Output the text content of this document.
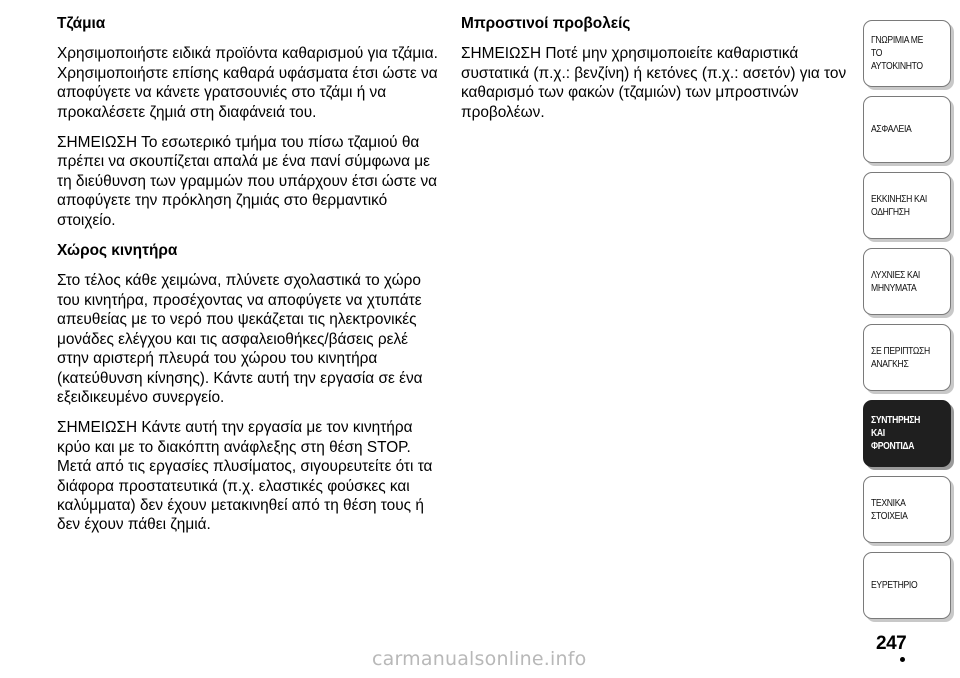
Τζάμια
Χρησιμοποιήστε ειδικά προϊόντα καθαρισμού για τζάμια. Χρησιμοποιήστε επίσης καθαρά υφάσματα έτσι ώστε να αποφύγετε να κάνετε γρατσουνιές στο τζάμι ή να προκαλέσετε ζημιά στη διαφάνειά του.
ΣΗΜΕΙΩΣΗ Το εσωτερικό τμήμα του πίσω τζαμιού θα πρέπει να σκουπίζεται απαλά με ένα πανί σύμφωνα με τη διεύθυνση των γραμμών που υπάρχουν έτσι ώστε να αποφύγετε την πρόκληση ζημιάς στο θερμαντικό στοιχείο.
Χώρος κινητήρα
Στο τέλος κάθε χειμώνα, πλύνετε σχολαστικά το χώρο του κινητήρα, προσέχοντας να αποφύγετε να χτυπάτε απευθείας με το νερό που ψεκάζεται τις ηλεκτρονικές μονάδες ελέγχου και τις ασφαλειοθήκες/βάσεις ρελέ στην αριστερή πλευρά του χώρου του κινητήρα (κατεύθυνση κίνησης). Κάντε αυτή την εργασία σε ένα εξειδικευμένο συνεργείο.
ΣΗΜΕΙΩΣΗ Κάντε αυτή την εργασία με τον κινητήρα κρύο και με το διακόπτη ανάφλεξης στη θέση STOP. Μετά από τις εργασίες πλυσίματος, σιγουρευτείτε ότι τα διάφορα προστατευτικά (π.χ. ελαστικές φούσκες και καλύμματα) δεν έχουν μετακινηθεί από τη θέση τους ή δεν έχουν πάθει ζημιά.
Μπροστινοί προβολείς
ΣΗΜΕΙΩΣΗ Ποτέ μην χρησιμοποιείτε καθαριστικά συστατικά (π.χ.: βενζίνη) ή κετόνες (π.χ.: ασετόν) για τον καθαρισμό των φακών (τζαμιών) των μπροστινών προβολέων.
ΓΝΩΡΙΜΙΑ ΜΕ ΤΟ
ΑΥΤΟΚΙΝΗΤΟ
ΑΣΦΑΛΕΙΑ
ΕΚΚΙΝΗΣΗ ΚΑΙ
ΟΔΗΓΗΣΗ
ΛΥΧΝΙΕΣ ΚΑΙ
ΜΗΝΥΜΑΤΑ
ΣΕ ΠΕΡΙΠΤΩΣΗ
ΑΝΑΓΚΗΣ
ΣΥΝΤΗΡΗΣΗ ΚΑΙ
ΦΡΟΝΤΙΔΑ
ΤΕΧΝΙΚΑ ΣΤΟΙΧΕΙΑ
ΕΥΡΕΤΗΡΙΟ
247
carmanualsonline.info
